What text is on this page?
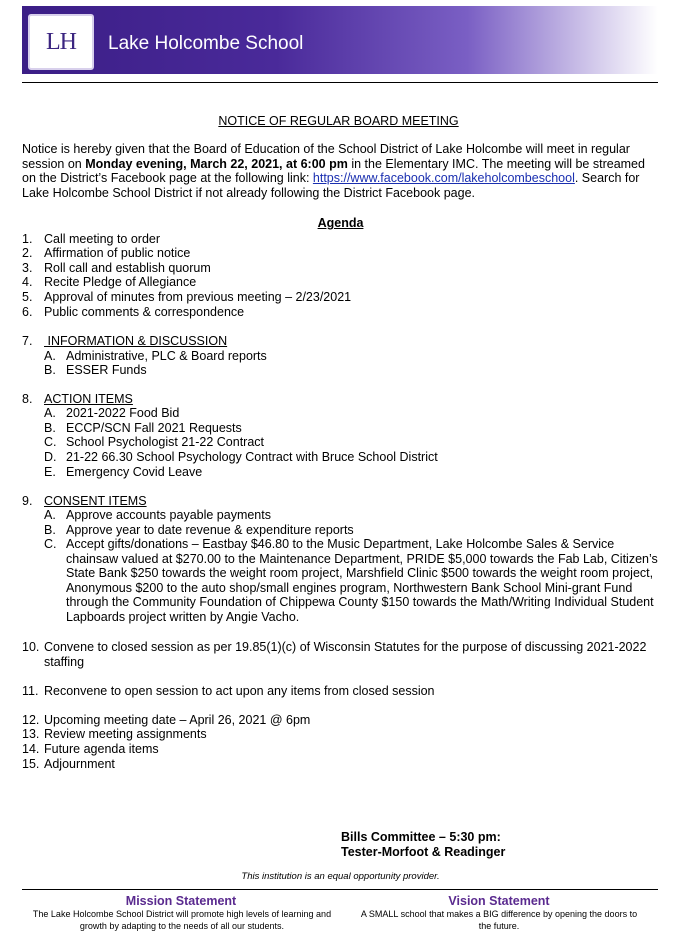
LH	Lake Holcombe School
NOTICE OF REGULAR BOARD MEETING
Notice is hereby given that the Board of Education of the School District of Lake Holcombe will meet in regular session on Monday evening, March 22, 2021, at 6:00 pm in the Elementary IMC. The meeting will be streamed on the District’s Facebook page at the following link: https://www.facebook.com/lakeholcombeschool. Search for Lake Holcombe School District if not already following the District Facebook page.
Agenda
1. Call meeting to order
2. Affirmation of public notice
3. Roll call and establish quorum
4. Recite Pledge of Allegiance
5. Approval of minutes from previous meeting – 2/23/2021
6. Public comments & correspondence
7. INFORMATION & DISCUSSION
A. Administrative, PLC & Board reports
B. ESSER Funds
8. ACTION ITEMS
A. 2021-2022 Food Bid
B. ECCP/SCN Fall 2021 Requests
C. School Psychologist 21-22 Contract
D. 21-22 66.30 School Psychology Contract with Bruce School District
E. Emergency Covid Leave
9. CONSENT ITEMS
A. Approve accounts payable payments
B. Approve year to date revenue & expenditure reports
C. Accept gifts/donations – Eastbay $46.80 to the Music Department, Lake Holcombe Sales & Service chainsaw valued at $270.00 to the Maintenance Department, PRIDE $5,000 towards the Fab Lab, Citizen’s State Bank $250 towards the weight room project, Marshfield Clinic $500 towards the weight room project, Anonymous $200 to the auto shop/small engines program, Northwestern Bank School Mini-grant Fund through the Community Foundation of Chippewa County $150 towards the Math/Writing Individual Student Lapboards project written by Angie Vacho.
10. Convene to closed session as per 19.85(1)(c) of Wisconsin Statutes for the purpose of discussing 2021-2022 staffing
11. Reconvene to open session to act upon any items from closed session
12. Upcoming meeting date – April 26, 2021 @ 6pm
13. Review meeting assignments
14. Future agenda items
15. Adjournment
Bills Committee – 5:30 pm:
Tester-Morfoot & Readinger
This institution is an equal opportunity provider.
Mission Statement
The Lake Holcombe School District will promote high levels of learning and growth by adapting to the needs of all our students.
Vision Statement
A SMALL school that makes a BIG difference by opening the doors to the future.
